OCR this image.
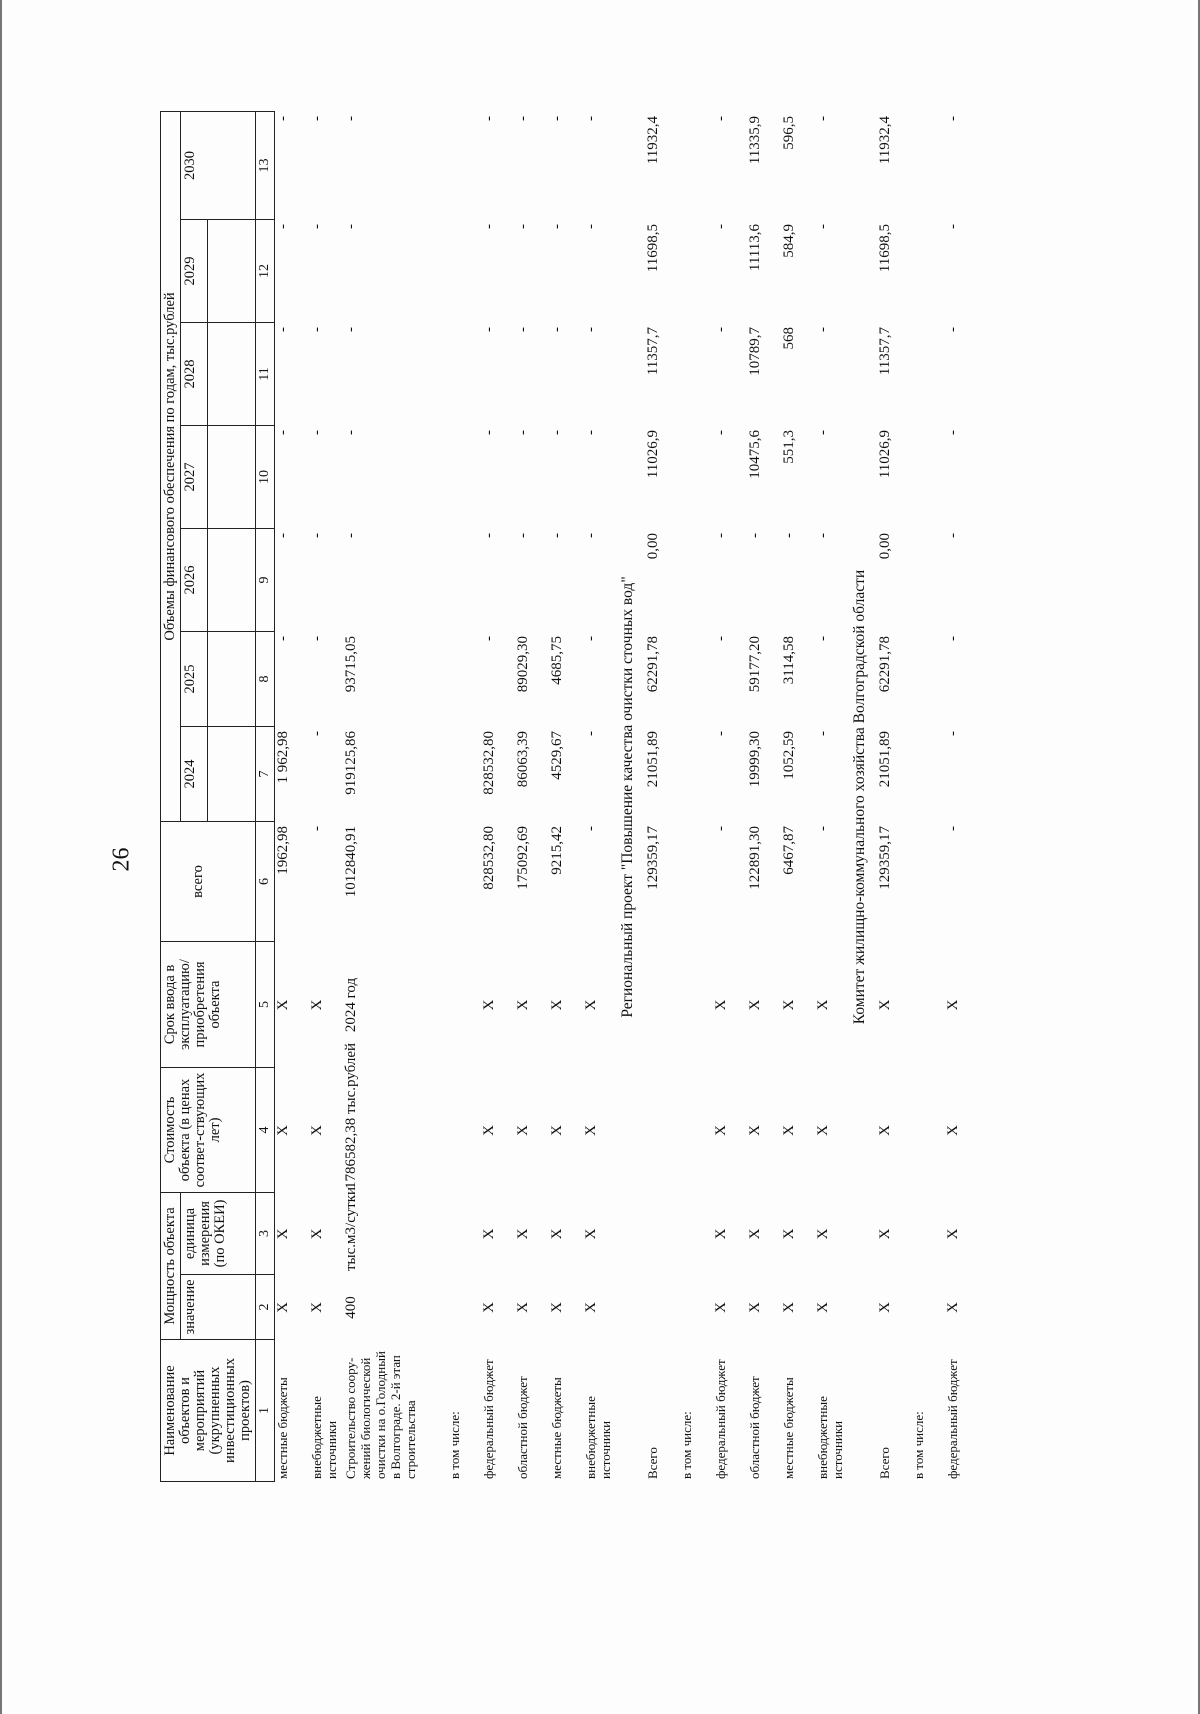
26
Наименование объектов и мероприятий (укрупненных инвестиционных проектов)	Мощность объекта		Стоимость объекта (в ценах соответ-ствующих лет)	Срок ввода в эксплуатацию/ приобретения объекта	всего	Объемы финансового обеспечения по годам, тыс.рублей						
	значение	единица измерения (по ОКЕИ)				2024	2025	2026	2027	2028	2029	2030

1	2	3	4	5	6	7	8	9	10	11	12	13
местные бюджеты	X	X	X	X	1962,98	1 962,98	-	-	-	-	-	-
внебюджетные источники	X	X	X	X	-	-	-	-	-	-	-	-
Строительство соору-жений биологической очистки на о.Голодный в Волгограде. 2-й этап строительства	400	тыс.м3/сутки	1786582,38 тыс.рублей	2024 год	1012840,91	919125,86	93715,05	-	-	-	-	-
в том числе:												
федеральный бюджет	X	X	X	X	828532,80	828532,80	-	-	-	-	-	-
областной бюджет	X	X	X	X	175092,69	86063,39	89029,30	-	-	-	-	-
местные бюджеты	X	X	X	X	9215,42	4529,67	4685,75	-	-	-	-	-
внебюджетные источники	X	X	X	X	-	-	-	-	-	-	-	-
Региональный проект "Повышение качества очистки сточных вод"												
Всего					129359,17	21051,89	62291,78	0,00	11026,9	11357,7	11698,5	11932,4
в том числе:												
федеральный бюджет	X	X	X	X	-	-	-	-	-	-	-	-
областной бюджет	X	X	X	X	122891,30	19999,30	59177,20	-	10475,6	10789,7	11113,6	11335,9
местные бюджеты	X	X	X	X	6467,87	1052,59	3114,58	-	551,3	568	584,9	596,5
внебюджетные источники	X	X	X	X	-	-	-	-	-	-	-	-
Комитет жилищно-коммунального хозяйства Волгоградской области												
Всего	X	X	X	X	129359,17	21051,89	62291,78	0,00	11026,9	11357,7	11698,5	11932,4
в том числе:												
федеральный бюджет	X	X	X	X	-	-	-	-	-	-	-	-
